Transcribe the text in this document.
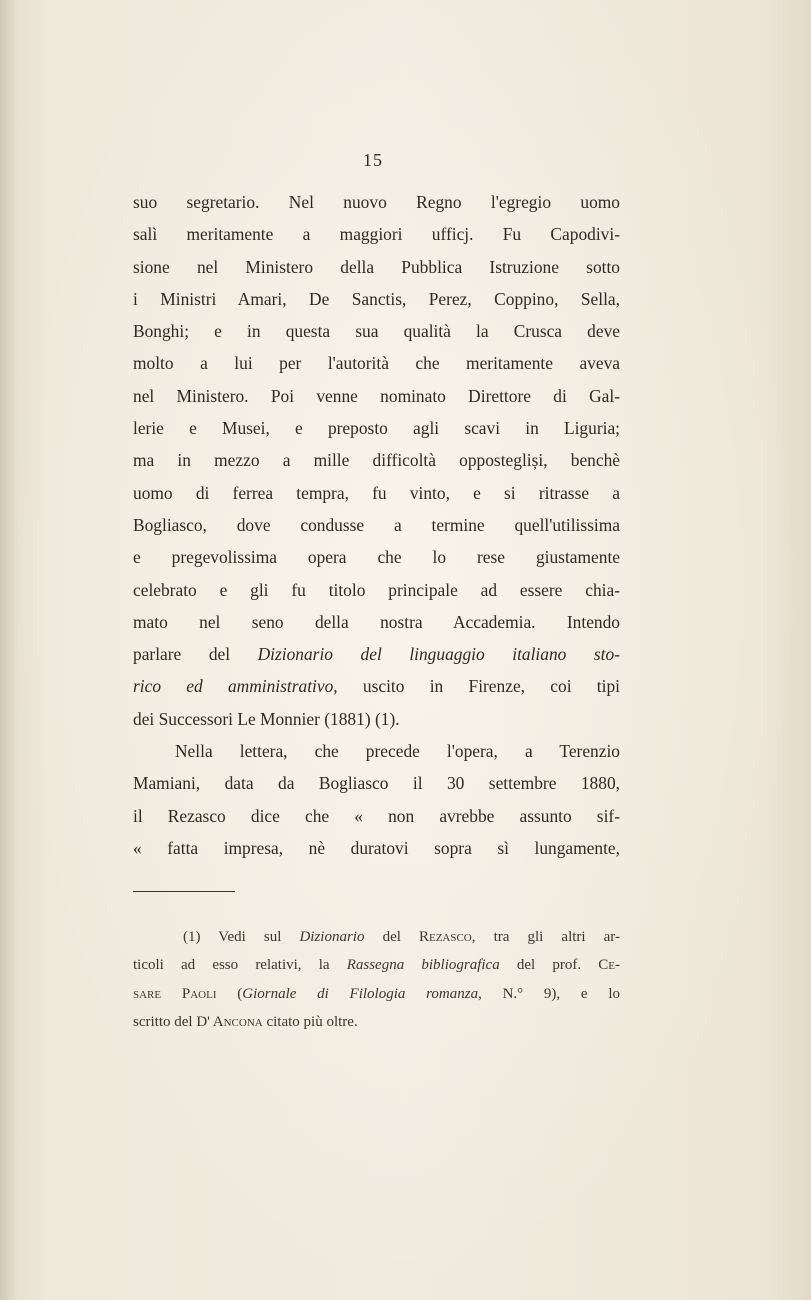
15
suo segretario. Nel nuovo Regno l'egregio uomo
salì meritamente a maggiori ufficj. Fu Capodivi-
sione nel Ministero della Pubblica Istruzione sotto
i Ministri Amari, De Sanctis, Perez, Coppino, Sella,
Bonghi; e in questa sua qualità la Crusca deve
molto a lui per l'autorità che meritamente aveva
nel Ministero. Poi venne nominato Direttore di Gal-
lerie e Musei, e preposto agli scavi in Liguria;
ma in mezzo a mille difficoltà oppostegliși, benchè
uomo di ferrea tempra, fu vinto, e si ritrasse a
Bogliasco, dove condusse a termine quell'utilissima
e pregevolissima opera che lo rese giustamente
celebrato e gli fu titolo principale ad essere chia-
mato nel seno della nostra Accademia. Intendo
parlare del Dizionario del linguaggio italiano sto-
rico ed amministrativo, uscito in Firenze, coi tipi
dei Successori Le Monnier (1881) (1).
Nella lettera, che precede l'opera, a Terenzio
Mamiani, data da Bogliasco il 30 settembre 1880,
il Rezasco dice che « non avrebbe assunto sif-
« fatta impresa, nè duratovi sopra sì lungamente,
(1) Vedi sul Dizionario del Rezasco, tra gli altri ar-
ticoli ad esso relativi, la Rassegna bibliografica del prof. Ce-
sare Paoli (Giornale di Filologia romanza, N.° 9), e lo
scritto del D' Ancona citato più oltre.
